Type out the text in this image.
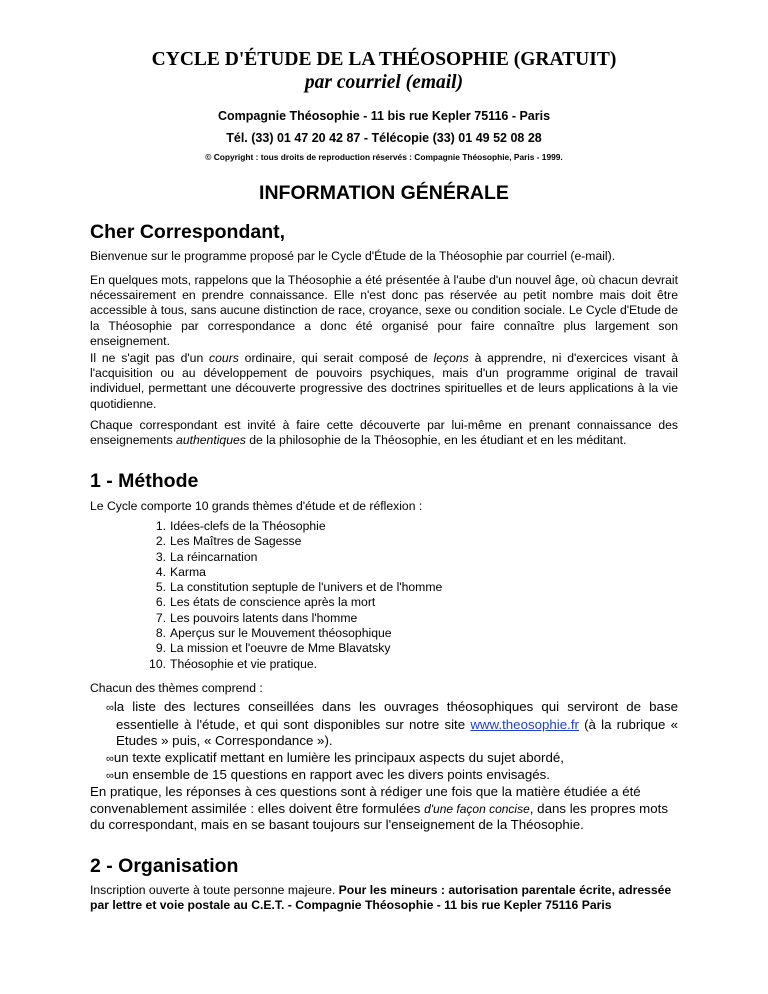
CYCLE D'ÉTUDE DE LA THÉOSOPHIE (GRATUIT)
par courriel (email)
Compagnie Théosophie - 11 bis rue Kepler 75116 - Paris
Tél. (33) 01 47 20 42 87 - Télécopie (33) 01 49 52 08 28
© Copyright : tous droits de reproduction réservés : Compagnie Théosophie, Paris - 1999.
INFORMATION GÉNÉRALE
Cher Correspondant,

Bienvenue sur le programme proposé par le Cycle d'Étude de la Théosophie par courriel (e-mail).

En quelques mots, rappelons que la Théosophie a été présentée à l'aube d'un nouvel âge, où chacun devrait nécessairement en prendre connaissance. Elle n'est donc pas réservée au petit nombre mais doit être accessible à tous, sans aucune distinction de race, croyance, sexe ou condition sociale. Le Cycle d'Etude de la Théosophie par correspondance a donc été organisé pour faire connaître plus largement son enseignement.

Il ne s'agit pas d'un cours ordinaire, qui serait composé de leçons à apprendre, ni d'exercices visant à l'acquisition ou au développement de pouvoirs psychiques, mais d'un programme original de travail individuel, permettant une découverte progressive des doctrines spirituelles et de leurs applications à la vie quotidienne.

Chaque correspondant est invité à faire cette découverte par lui-même en prenant connaissance des enseignements authentiques de la philosophie de la Théosophie, en les étudiant et en les méditant.

1 - Méthode

Le Cycle comporte 10 grands thèmes d'étude et de réflexion :

1. Idées-clefs de la Théosophie
2. Les Maîtres de Sagesse
3. La réincarnation
4. Karma
5. La constitution septuple de l'univers et de l'homme
6. Les états de conscience après la mort
7. Les pouvoirs latents dans l'homme
8. Aperçus sur le Mouvement théosophique
9. La mission et l'oeuvre de Mme Blavatsky
10. Théosophie et vie pratique.

Chacun des thèmes comprend :

∞la liste des lectures conseillées dans les ouvrages théosophiques qui serviront de base essentielle à l'étude, et qui sont disponibles sur notre site www.theosophie.fr (à la rubrique « Etudes » puis, « Correspondance »).
∞un texte explicatif mettant en lumière les principaux aspects du sujet abordé,
∞un ensemble de 15 questions en rapport avec les divers points envisagés.

En pratique, les réponses à ces questions sont à rédiger une fois que la matière étudiée a été convenablement assimilée : elles doivent être formulées d'une façon concise, dans les propres mots du correspondant, mais en se basant toujours sur l'enseignement de la Théosophie.

2 - Organisation

Inscription ouverte à toute personne majeure. Pour les mineurs : autorisation parentale écrite, adressée par lettre et voie postale au C.E.T. - Compagnie Théosophie - 11 bis rue Kepler 75116 Paris
